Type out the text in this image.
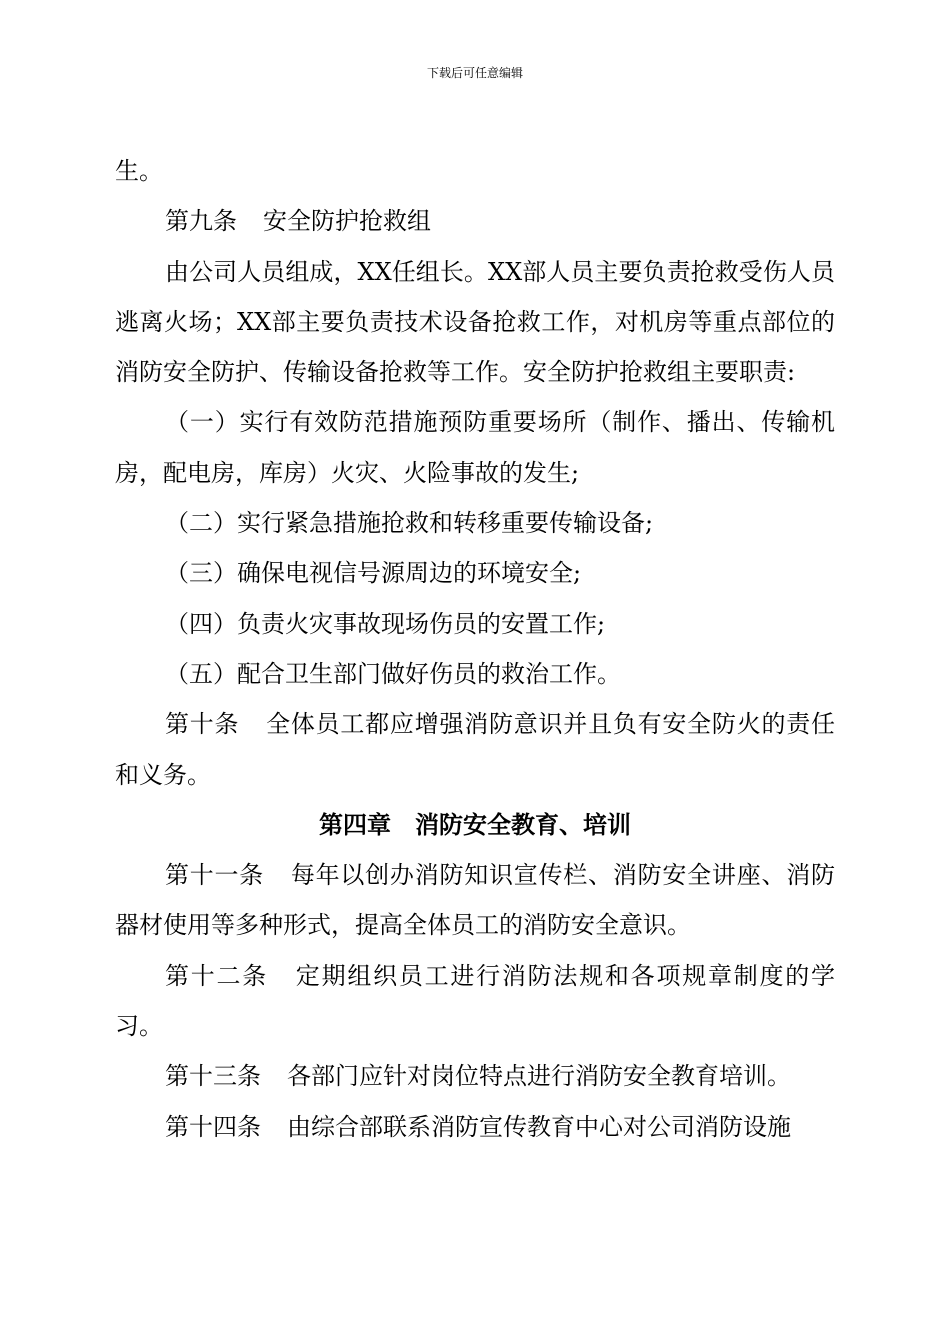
下载后可任意编辑

生。

第九条 安全防护抢救组

由公司人员组成，XX任组长。XX部人员主要负责抢救受伤人员逃离火场；XX部主要负责技术设备抢救工作，对机房等重点部位的消防安全防护、传输设备抢救等工作。安全防护抢救组主要职责:

（一）实行有效防范措施预防重要场所（制作、播出、传输机房，配电房，库房）火灾、火险事故的发生;

（二）实行紧急措施抢救和转移重要传输设备;

（三）确保电视信号源周边的环境安全;

（四）负责火灾事故现场伤员的安置工作;

（五）配合卫生部门做好伤员的救治工作。

第十条 全体员工都应增强消防意识并且负有安全防火的责任和义务。

第四章　消防安全教育、培训

第十一条 每年以创办消防知识宣传栏、消防安全讲座、消防器材使用等多种形式，提高全体员工的消防安全意识。

第十二条 定期组织员工进行消防法规和各项规章制度的学习。

第十三条 各部门应针对岗位特点进行消防安全教育培训。

第十四条 由综合部联系消防宣传教育中心对公司消防设施
